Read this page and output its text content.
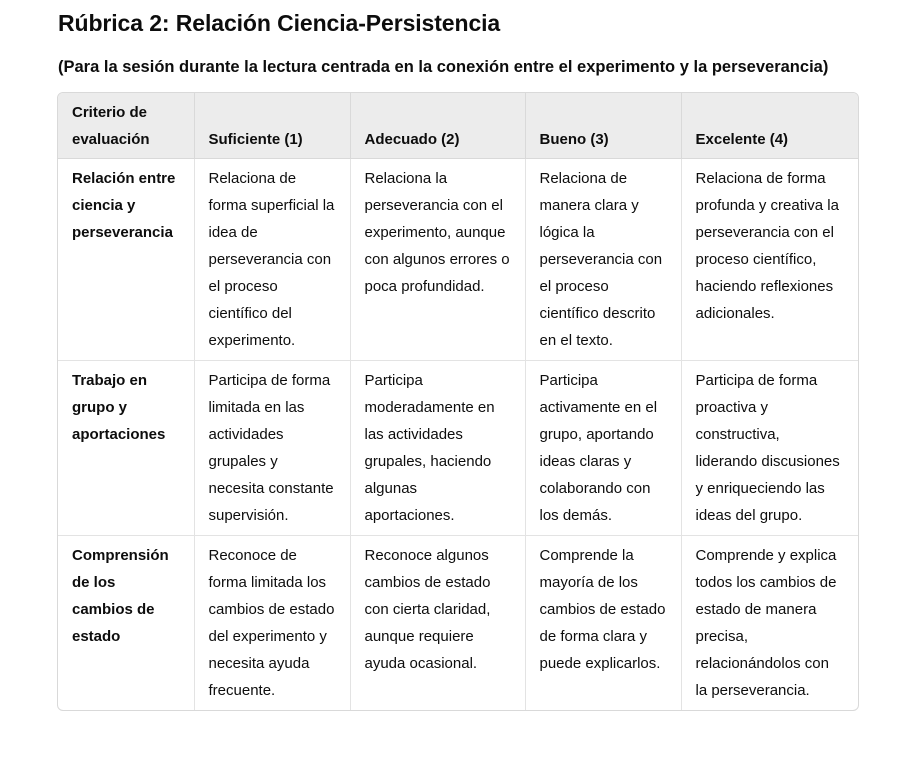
Rúbrica 2: Relación Ciencia-Persistencia
(Para la sesión durante la lectura centrada en la conexión entre el experimento y la perseverancia)
Criterio de evaluación	Suficiente (1)	Adecuado (2)	Bueno (3)	Excelente (4)
Relación entre ciencia y perseverancia	Relaciona de forma superficial la idea de perseverancia con el proceso científico del experimento.	Relaciona la perseverancia con el experimento, aunque con algunos errores o poca profundidad.	Relaciona de manera clara y lógica la perseverancia con el proceso científico descrito en el texto.	Relaciona de forma profunda y creativa la perseverancia con el proceso científico, haciendo reflexiones adicionales.
Trabajo en grupo y aportaciones	Participa de forma limitada en las actividades grupales y necesita constante supervisión.	Participa moderadamente en las actividades grupales, haciendo algunas aportaciones.	Participa activamente en el grupo, aportando ideas claras y colaborando con los demás.	Participa de forma proactiva y constructiva, liderando discusiones y enriqueciendo las ideas del grupo.
Comprensión de los cambios de estado	Reconoce de forma limitada los cambios de estado del experimento y necesita ayuda frecuente.	Reconoce algunos cambios de estado con cierta claridad, aunque requiere ayuda ocasional.	Comprende la mayoría de los cambios de estado de forma clara y puede explicarlos.	Comprende y explica todos los cambios de estado de manera precisa, relacionándolos con la perseverancia.
